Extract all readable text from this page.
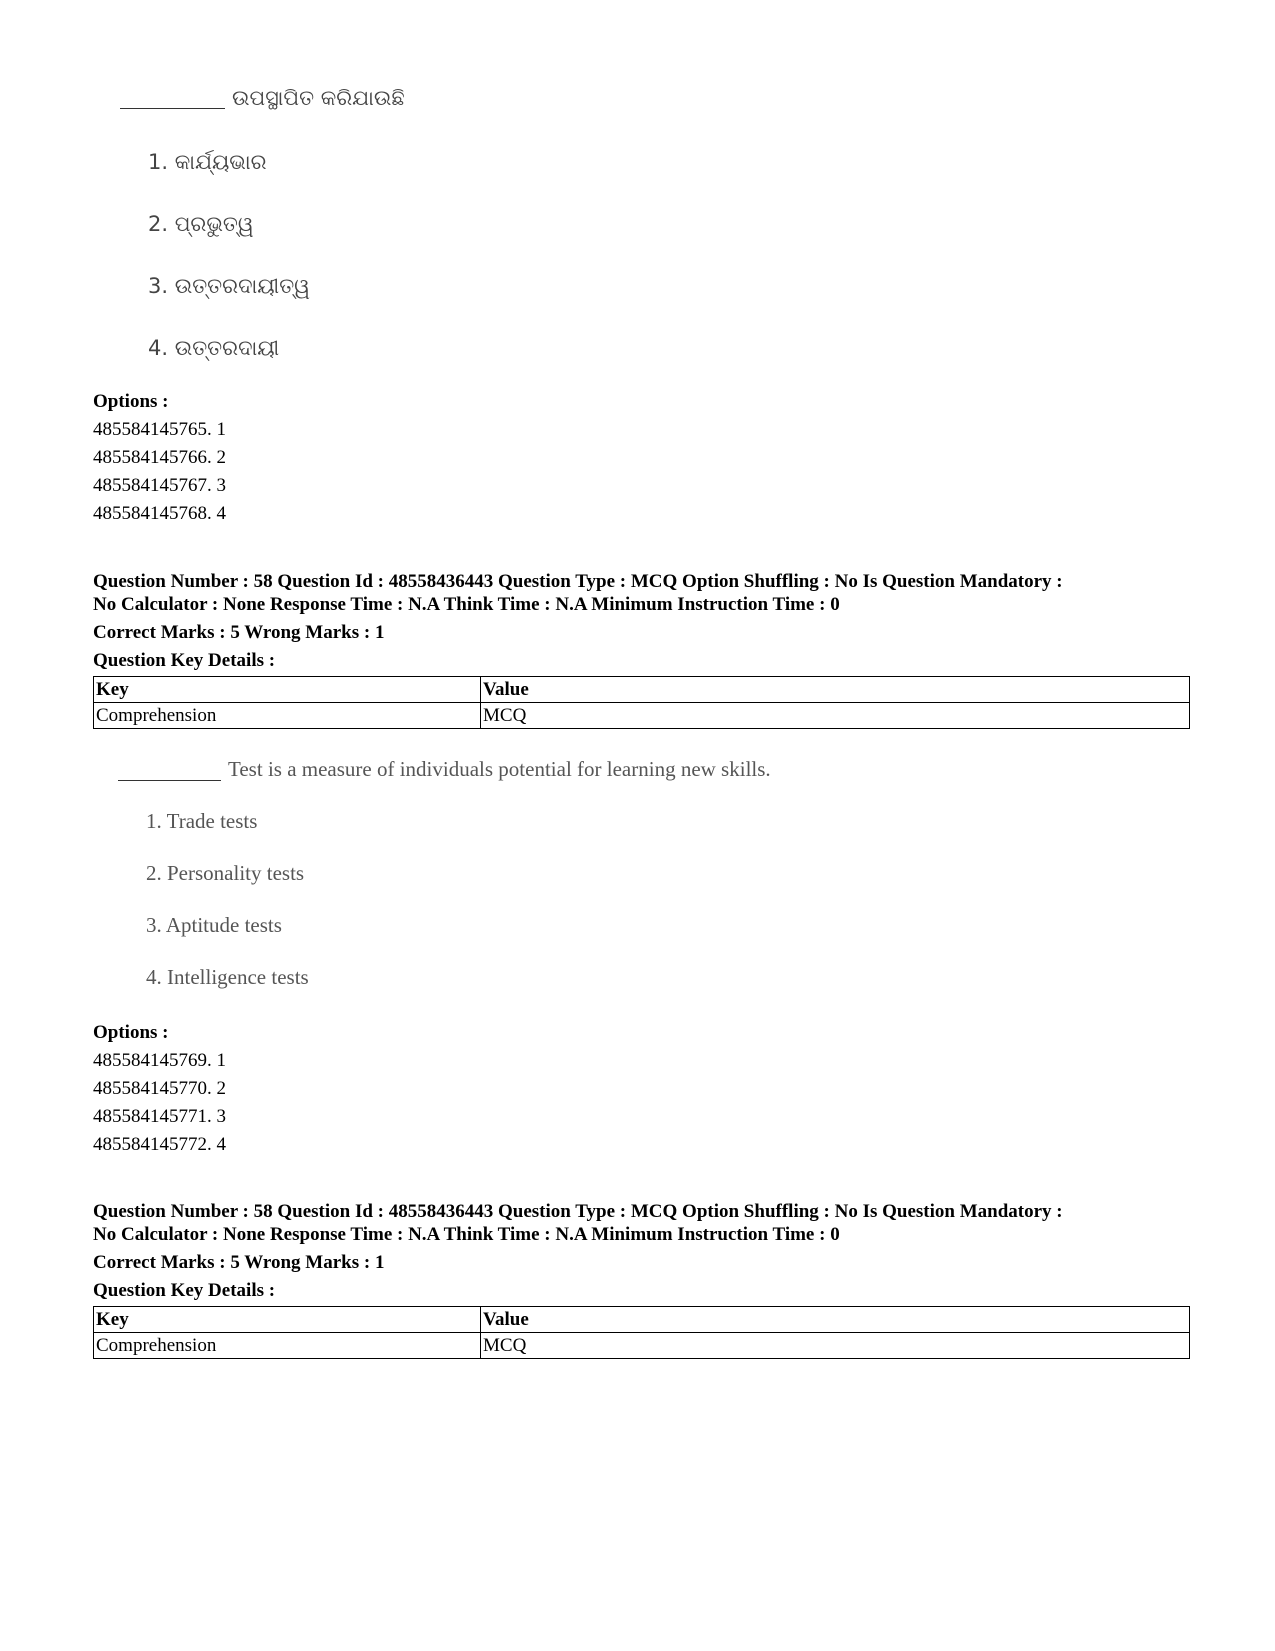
ଉପସ୍ଥାପିତ କରିଯାଉଛି
1. କାର୍ଯ୍ୟଭାର
2. ପ୍ରଭୁତ୍ୱ
3. ଉତ୍ତରଦାୟୀତ୍ୱ
4. ଉତ୍ତରଦାୟୀ
Options :
485584145765. 1
485584145766. 2
485584145767. 3
485584145768. 4
Question Number : 58 Question Id : 48558436443 Question Type : MCQ Option Shuffling : No Is Question Mandatory :
No Calculator : None Response Time : N.A Think Time : N.A Minimum Instruction Time : 0
Correct Marks : 5 Wrong Marks : 1
Question Key Details :
Key	Value
Comprehension	MCQ
Test is a measure of individuals potential for learning new skills.
1. Trade tests
2. Personality tests
3. Aptitude tests
4. Intelligence tests
Options :
485584145769. 1
485584145770. 2
485584145771. 3
485584145772. 4
Question Number : 58 Question Id : 48558436443 Question Type : MCQ Option Shuffling : No Is Question Mandatory :
No Calculator : None Response Time : N.A Think Time : N.A Minimum Instruction Time : 0
Correct Marks : 5 Wrong Marks : 1
Question Key Details :
Key	Value
Comprehension	MCQ
